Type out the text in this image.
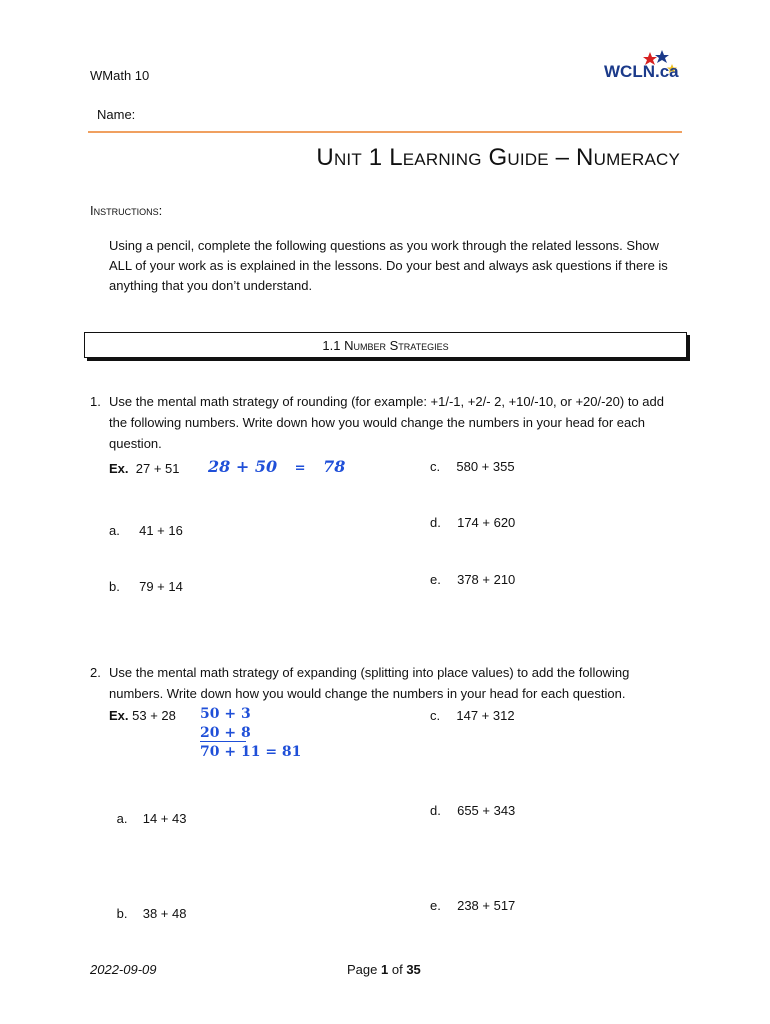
WMath 10
Name:
WCLN.ca
Unit 1 Learning Guide – Numeracy
Instructions:
Using a pencil, complete the following questions as you work through the related lessons. Show ALL of your work as is explained in the lessons. Do your best and always ask questions if there is anything that you don’t understand.
1.1 Number Strategies
1. Use the mental math strategy of rounding (for example: +1/-1, +2/- 2, +10/-10, or +20/-20) to add the following numbers. Write down how you would change the numbers in your head for each question.
Ex. 27 + 51 28 + 50 = 78
a. 41 + 16
b. 79 + 14
c. 580 + 355
d. 174 + 620
e. 378 + 210
2. Use the mental math strategy of expanding (splitting into place values) to add the following numbers. Write down how you would change the numbers in your head for each question.
Ex. 53 + 28 50 + 3
20 + 8
70 + 11 = 81
a. 14 + 43
b. 38 + 48
c. 147 + 312
d. 655 + 343
e. 238 + 517
2022-09-09	Page 1 of 35
